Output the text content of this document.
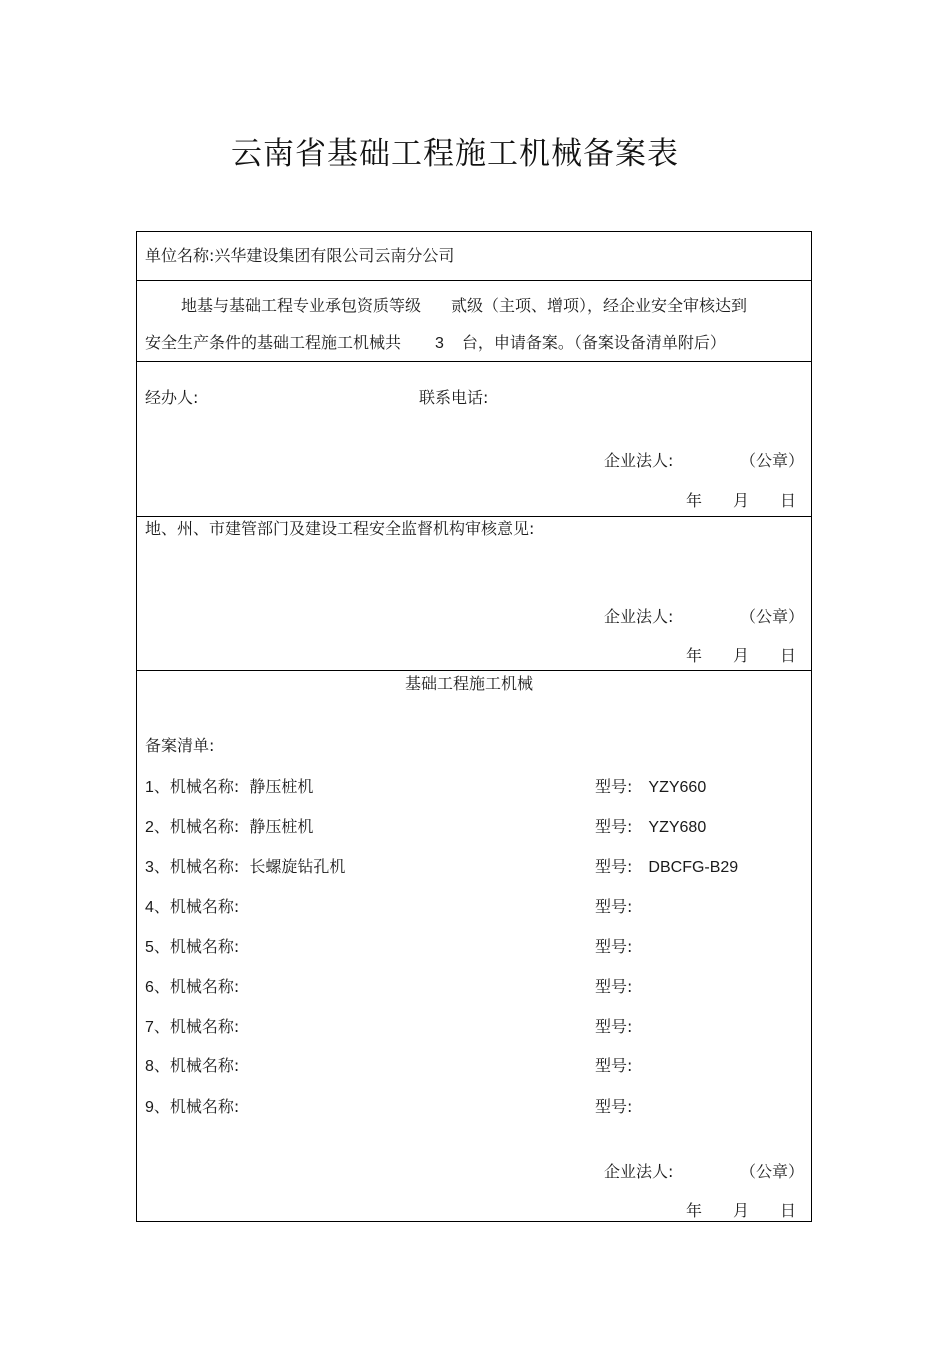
云南省基础工程施工机械备案表
单位名称:兴华建设集团有限公司云南分公司
地基与基础工程专业承包资质等级 贰级（主项、增项），经企业安全审核达到
安全生产条件的基础工程施工机械共 3 台，申请备案。（备案设备清单附后）
经办人:	联系电话:
企业法人:	（公章）
年 月 日
地、州、市建管部门及建设工程安全监督机构审核意见:
企业法人:	（公章）
年 月 日
基础工程施工机械
备案清单:
1、机械名称: 静压桩机	型号: YZY660
2、机械名称: 静压桩机	型号: YZY680
3、机械名称: 长螺旋钻孔机	型号: DBCFG-B29
4、机械名称:	型号:
5、机械名称:	型号:
6、机械名称:	型号:
7、机械名称:	型号:
8、机械名称:	型号:
9、机械名称:	型号:
企业法人:	（公章）
年 月 日
